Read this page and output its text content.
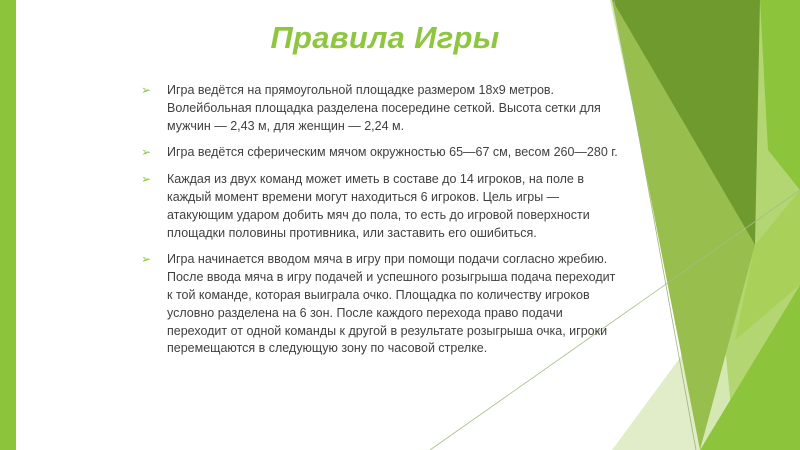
Правила Игры
➢ Игра ведётся на прямоугольной площадке размером 18х9 метров. Волейбольная площадка разделена посередине сеткой. Высота сетки для мужчин — 2,43 м, для женщин — 2,24 м.
➢ Игра ведётся сферическим мячом окружностью 65—67 см, весом 260—280 г.
➢ Каждая из двух команд может иметь в составе до 14 игроков, на поле в каждый момент времени могут находиться 6 игроков. Цель игры — атакующим ударом добить мяч до пола, то есть до игровой поверхности площадки половины противника, или заставить его ошибиться.
➢ Игра начинается вводом мяча в игру при помощи подачи согласно жребию. После ввода мяча в игру подачей и успешного розыгрыша подача переходит к той команде, которая выиграла очко. Площадка по количеству игроков условно разделена на 6 зон. После каждого перехода право подачи переходит от одной команды к другой в результате розыгрыша очка, игроки перемещаются в следующую зону по часовой стрелке.
